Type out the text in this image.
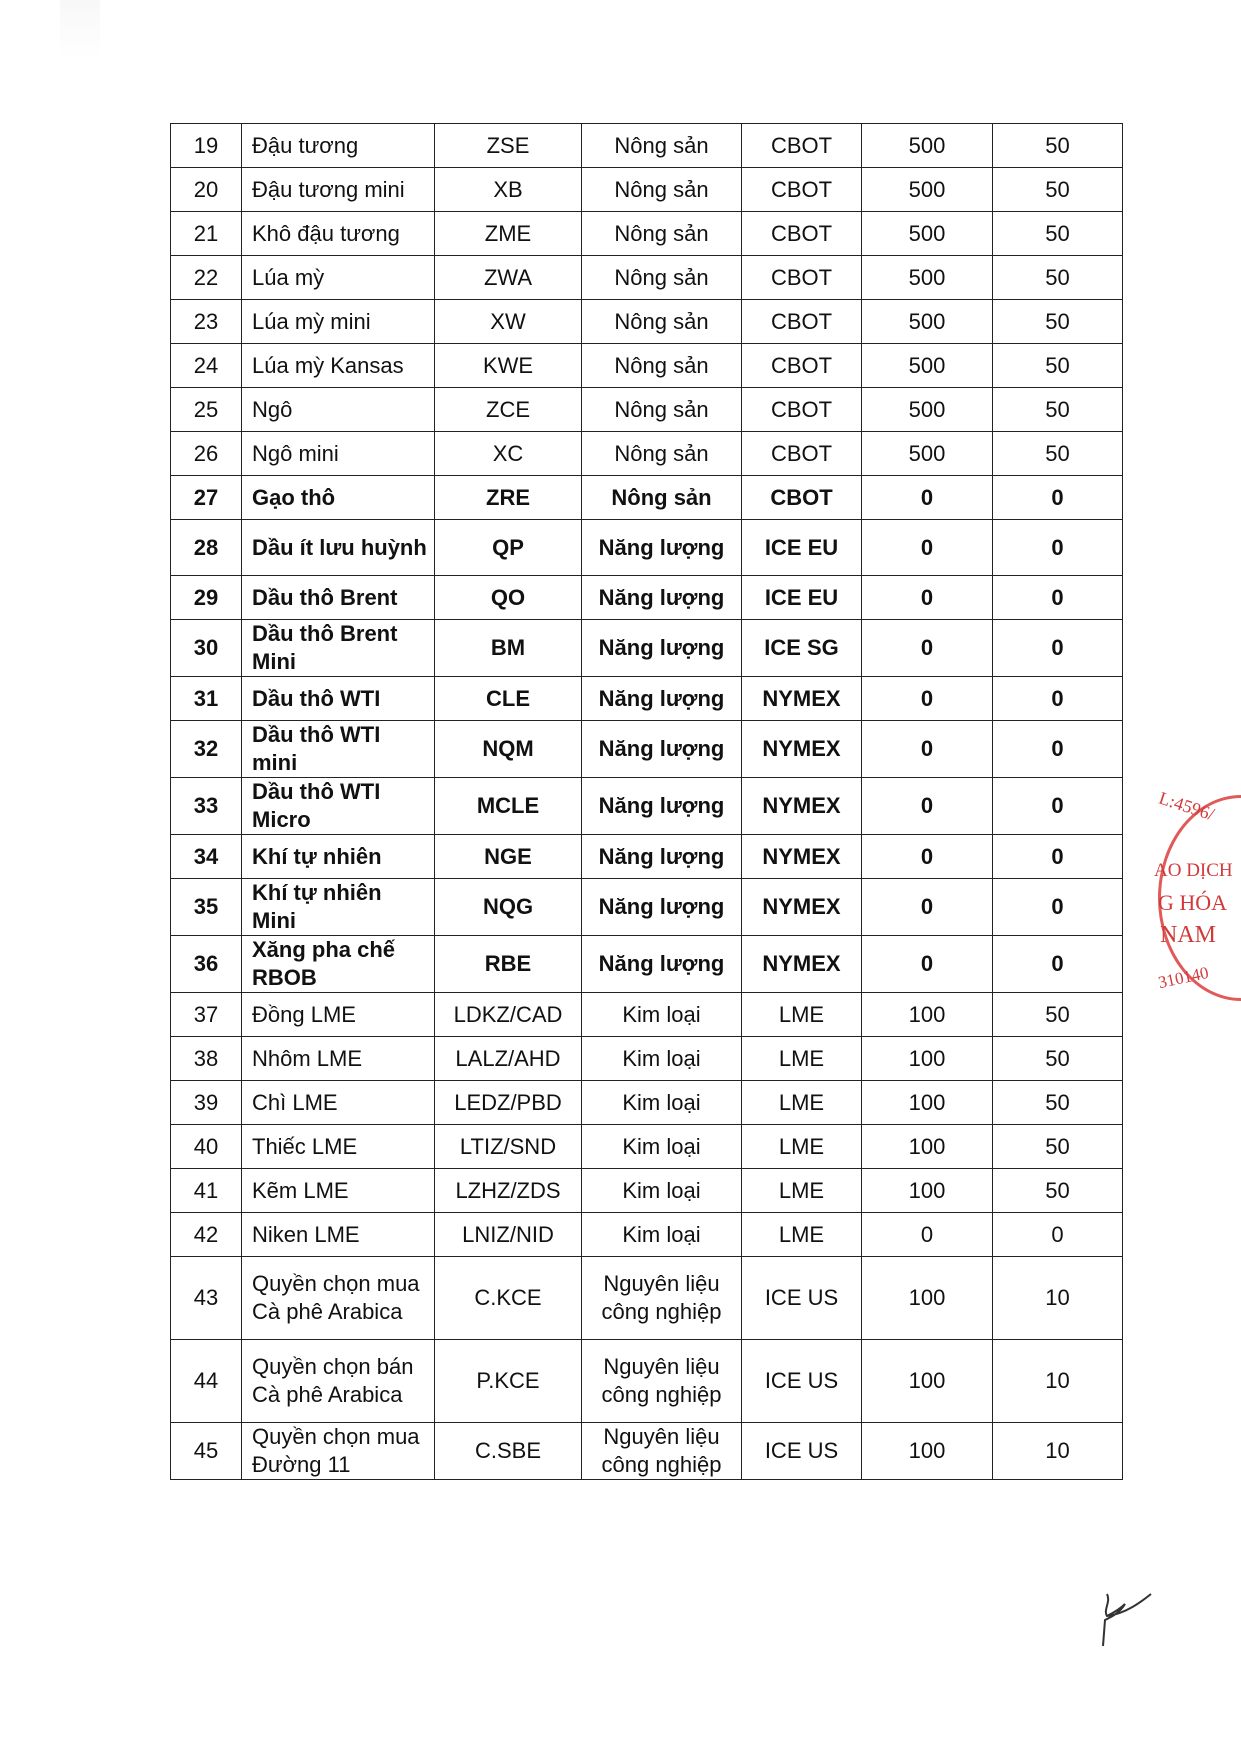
19	Đậu tương	ZSE	Nông sản	CBOT	500	50
20	Đậu tương mini	XB	Nông sản	CBOT	500	50
21	Khô đậu tương	ZME	Nông sản	CBOT	500	50
22	Lúa mỳ	ZWA	Nông sản	CBOT	500	50
23	Lúa mỳ mini	XW	Nông sản	CBOT	500	50
24	Lúa mỳ Kansas	KWE	Nông sản	CBOT	500	50
25	Ngô	ZCE	Nông sản	CBOT	500	50
26	Ngô mini	XC	Nông sản	CBOT	500	50
27	Gạo thô	ZRE	Nông sản	CBOT	0	0
28	Dầu ít lưu huỳnh	QP	Năng lượng	ICE EU	0	0
29	Dầu thô Brent	QO	Năng lượng	ICE EU	0	0
30	Dầu thô Brent Mini	BM	Năng lượng	ICE SG	0	0
31	Dầu thô WTI	CLE	Năng lượng	NYMEX	0	0
32	Dầu thô WTI mini	NQM	Năng lượng	NYMEX	0	0
33	Dầu thô WTI Micro	MCLE	Năng lượng	NYMEX	0	0
34	Khí tự nhiên	NGE	Năng lượng	NYMEX	0	0
35	Khí tự nhiên Mini	NQG	Năng lượng	NYMEX	0	0
36	Xăng pha chế RBOB	RBE	Năng lượng	NYMEX	0	0
37	Đồng LME	LDKZ/CAD	Kim loại	LME	100	50
38	Nhôm LME	LALZ/AHD	Kim loại	LME	100	50
39	Chì LME	LEDZ/PBD	Kim loại	LME	100	50
40	Thiếc LME	LTIZ/SND	Kim loại	LME	100	50
41	Kẽm LME	LZHZ/ZDS	Kim loại	LME	100	50
42	Niken LME	LNIZ/NID	Kim loại	LME	0	0
43	Quyền chọn mua Cà phê Arabica	C.KCE	Nguyên liệu công nghiệp	ICE US	100	10
44	Quyền chọn bán Cà phê Arabica	P.KCE	Nguyên liệu công nghiệp	ICE US	100	10
45	Quyền chọn mua Đường 11	C.SBE	Nguyên liệu công nghiệp	ICE US	100	10
L:4596/
AO DỊCH
G HÓA
NAM
310140
